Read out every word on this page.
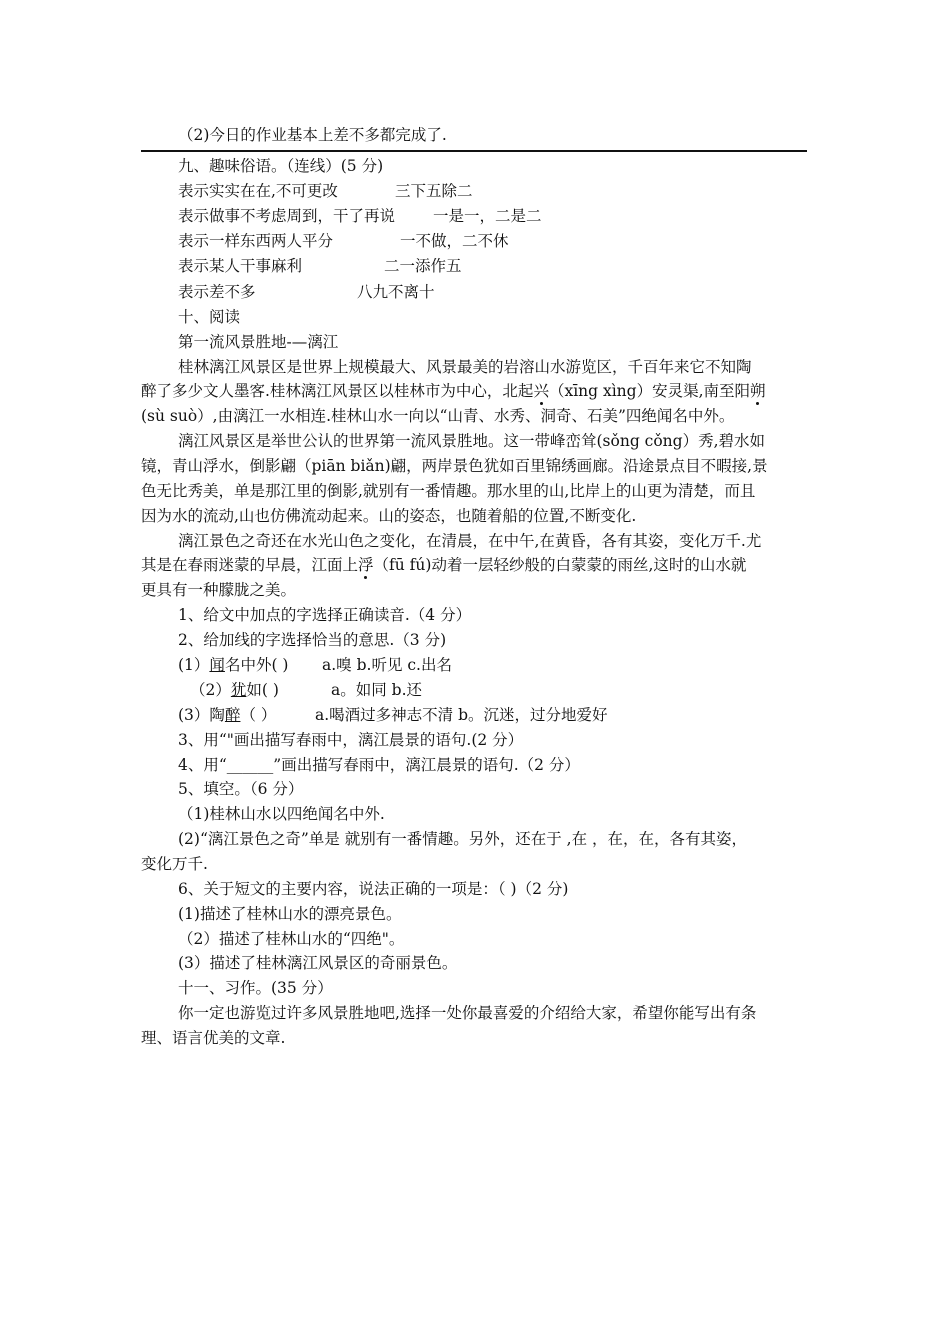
（2)今日的作业基本上差不多都完成了.
九、趣味俗语。（连线）(5 分)
表示实实在在,不可更改	三下五除二
表示做事不考虑周到，干了再说 一是一，二是二
表示一样东西两人平分	一不做，二不休
表示某人干事麻利	二一添作五
表示差不多	八九不离十
十、阅读
第一流风景胜地-—漓江
桂林漓江风景区是世界上规模最大、风景最美的岩溶山水游览区，千百年来它不知陶
醉了多少文人墨客.桂林漓江风景区以桂林市为中心，北起兴（xīng xìng）安灵渠,南至阳朔
(sù suò）,由漓江一水相连.桂林山水一向以“山青、水秀、洞奇、石美”四绝闻名中外。
漓江风景区是举世公认的世界第一流风景胜地。这一带峰峦耸(sǒng cǒng）秀,碧水如
镜，青山浮水，倒影翩（piān biǎn)翩，两岸景色犹如百里锦绣画廊。沿途景点目不暇接,景
色无比秀美，单是那江里的倒影,就别有一番情趣。那水里的山,比岸上的山更为清楚，而且
因为水的流动,山也仿佛流动起来。山的姿态，也随着船的位置,不断变化.
漓江景色之奇还在水光山色之变化，在清晨，在中午,在黄昏，各有其姿，变化万千.尤
其是在春雨迷蒙的早晨，江面上浮（fū fú)动着一层轻纱般的白蒙蒙的雨丝,这时的山水就
更具有一种朦胧之美。
1、给文中加点的字选择正确读音.（4 分）
2、给加线的字选择恰当的意思.（3 分)
(1）闻名中外( ) a.嗅 b.听见 c.出名
（2）犹如( )	a。如同 b.还
(3）陶醉（ ） a.喝酒过多神志不清 b。沉迷，过分地爱好
3、用“"画出描写春雨中，漓江晨景的语句.(2 分）
4、用“______”画出描写春雨中，漓江晨景的语句.（2 分）
5、填空。（6 分）
（1)桂林山水以四绝闻名中外.
(2)“漓江景色之奇”单是 就别有一番情趣。另外，还在于 ,在 ，在，在，各有其姿，
变化万千.
6、关于短文的主要内容，说法正确的一项是：（ )（2 分)
(1)描述了桂林山水的漂亮景色。
（2）描述了桂林山水的“四绝"。
(3）描述了桂林漓江风景区的奇丽景色。
十一、习作。(35 分）
你一定也游览过许多风景胜地吧,选择一处你最喜爱的介绍给大家，希望你能写出有条
理、语言优美的文章.
